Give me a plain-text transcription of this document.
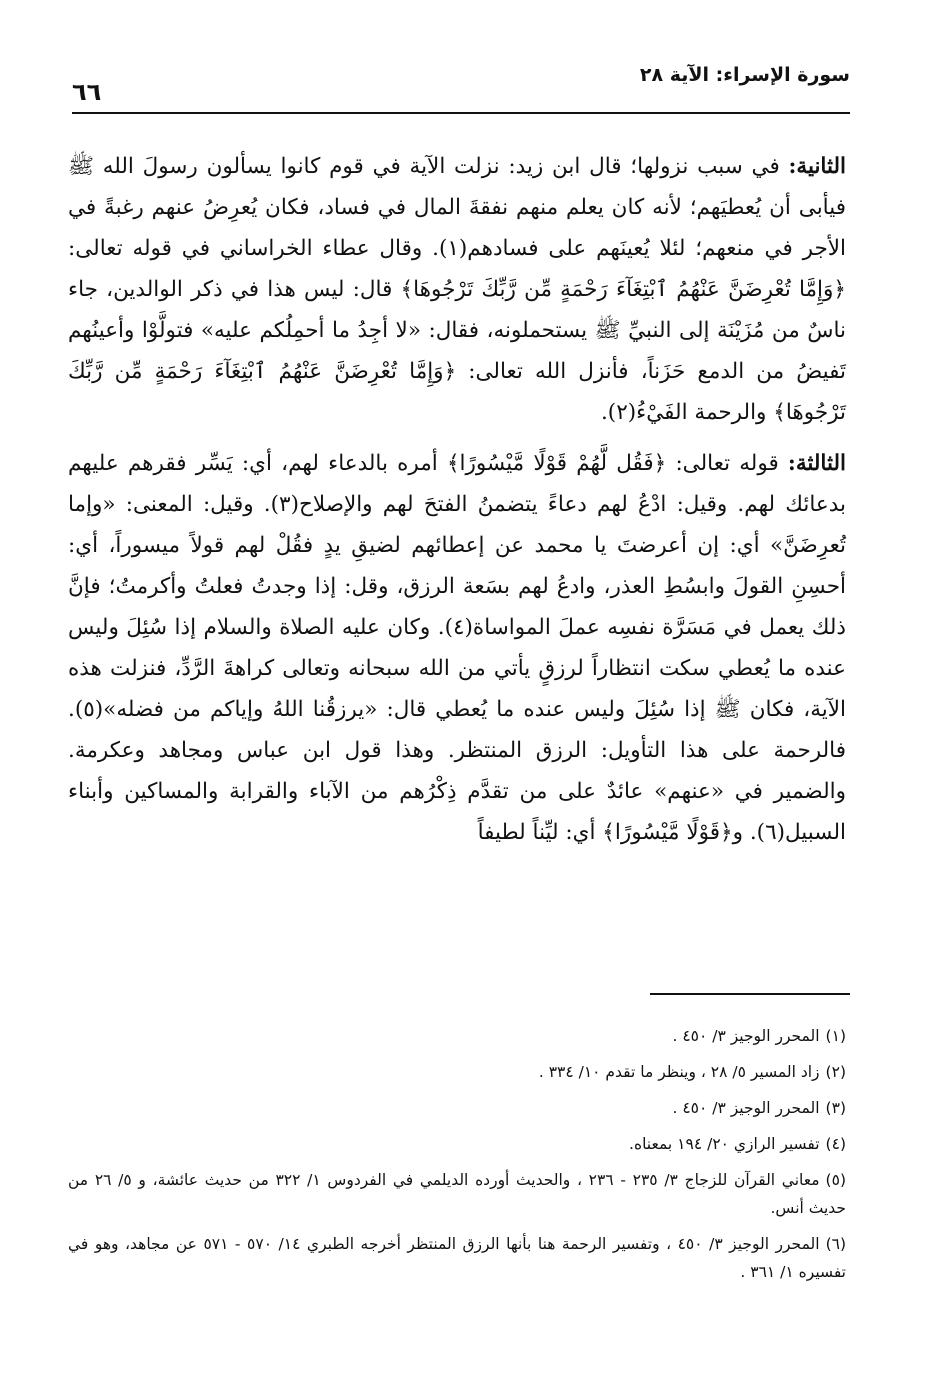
سورة الإسراء: الآية ٢٨
٦٦

الثانية: في سبب نزولها؛ قال ابن زيد: نزلت الآية في قوم كانوا يسألون رسولَ الله ﷺ فيأبى أن يُعطيَهم؛ لأنه كان يعلم منهم نفقةَ المال في فساد، فكان يُعرِضُ عنهم رغبةً في الأجر في منعهم؛ لئلا يُعينَهم على فسادهم(١). وقال عطاء الخراساني في قوله تعالى: ﴿وَإِمَّا تُعْرِضَنَّ عَنْهُمُ ٱبْتِغَآءَ رَحْمَةٍ مِّن رَّبِّكَ تَرْجُوهَا﴾ قال: ليس هذا في ذكر الوالدين، جاء ناسٌ من مُزَيْنَة إلى النبيِّ ﷺ يستحملونه، فقال: «لا أجِدُ ما أحمِلُكم عليه» فتولَّوْا وأعينُهم تَفيضُ من الدمع حَزَناً، فأنزل الله تعالى: ﴿وَإِمَّا تُعْرِضَنَّ عَنْهُمُ ٱبْتِغَآءَ رَحْمَةٍ مِّن رَّبِّكَ تَرْجُوهَا﴾ والرحمة الفَيْءُ(٢).

الثالثة: قوله تعالى: ﴿فَقُل لَّهُمْ قَوْلًا مَّيْسُورًا﴾ أمره بالدعاء لهم، أي: يَسِّر فقرهم عليهم بدعائك لهم. وقيل: ادْعُ لهم دعاءً يتضمنُ الفتحَ لهم والإصلاح(٣). وقيل: المعنى: «وإما تُعرِضَنَّ» أي: إن أعرضتَ يا محمد عن إعطائهم لضيقِ يدٍ فقُلْ لهم قولاً ميسوراً، أي: أحسِنِ القولَ وابسُطِ العذر، وادعُ لهم بسَعة الرزق، وقل: إذا وجدتُ فعلتُ وأكرمتُ؛ فإنَّ ذلك يعمل في مَسَرَّة نفسِه عملَ المواساة(٤). وكان عليه الصلاة والسلام إذا سُئِلَ وليس عنده ما يُعطي سكت انتظاراً لرزقٍ يأتي من الله سبحانه وتعالى كراهةَ الرَّدِّ، فنزلت هذه الآية، فكان ﷺ إذا سُئِلَ وليس عنده ما يُعطي قال: «يرزقُنا اللهُ وإياكم من فضله»(٥). فالرحمة على هذا التأويل: الرزق المنتظر. وهذا قول ابن عباس ومجاهد وعكرمة. والضمير في «عنهم» عائدٌ على من تقدَّم ذِكْرُهم من الآباء والقرابة والمساكين وأبناء السبيل(٦). و﴿قَوْلًا مَّيْسُورًا﴾ أي: ليِّناً لطيفاً

(١)المحرر الوجيز ٣/ ٤٥٠ .

(٢)زاد المسير ٥/ ٢٨ ، وينظر ما تقدم ١٠/ ٣٣٤ .

(٣)المحرر الوجيز ٣/ ٤٥٠ .

(٤)تفسير الرازي ٢٠/ ١٩٤ بمعناه.

(٥)معاني القرآن للزجاج ٣/ ٢٣٥ - ٢٣٦ ، والحديث أورده الديلمي في الفردوس ١/ ٣٢٢ من حديث عائشة، و ٥/ ٢٦ من حديث أنس.

(٦)المحرر الوجيز ٣/ ٤٥٠ ، وتفسير الرحمة هنا بأنها الرزق المنتظر أخرجه الطبري ١٤/ ٥٧٠ - ٥٧١ عن مجاهد، وهو في تفسيره ١/ ٣٦١ .
